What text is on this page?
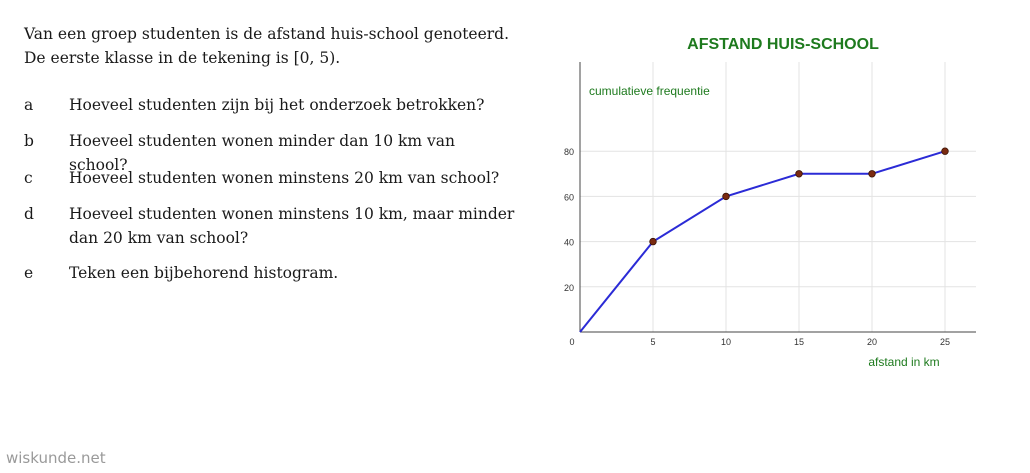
Van een groep studenten is de afstand huis-school genoteerd.
De eerste klasse in de tekening is [0, 5).
a	Hoeveel studenten zijn bij het onderzoek betrokken?
b	Hoeveel studenten wonen minder dan 10 km van school?
c	Hoeveel studenten wonen minstens 20 km van school?
d	Hoeveel studenten wonen minstens 10 km, maar minder dan 20 km van school?
e	Teken een bijbehorend histogram.
AFSTAND HUIS-SCHOOL
cumulatieve frequentie
afstand in km
20
40
60
80
0	5	10	15	20	25
wiskunde.net
